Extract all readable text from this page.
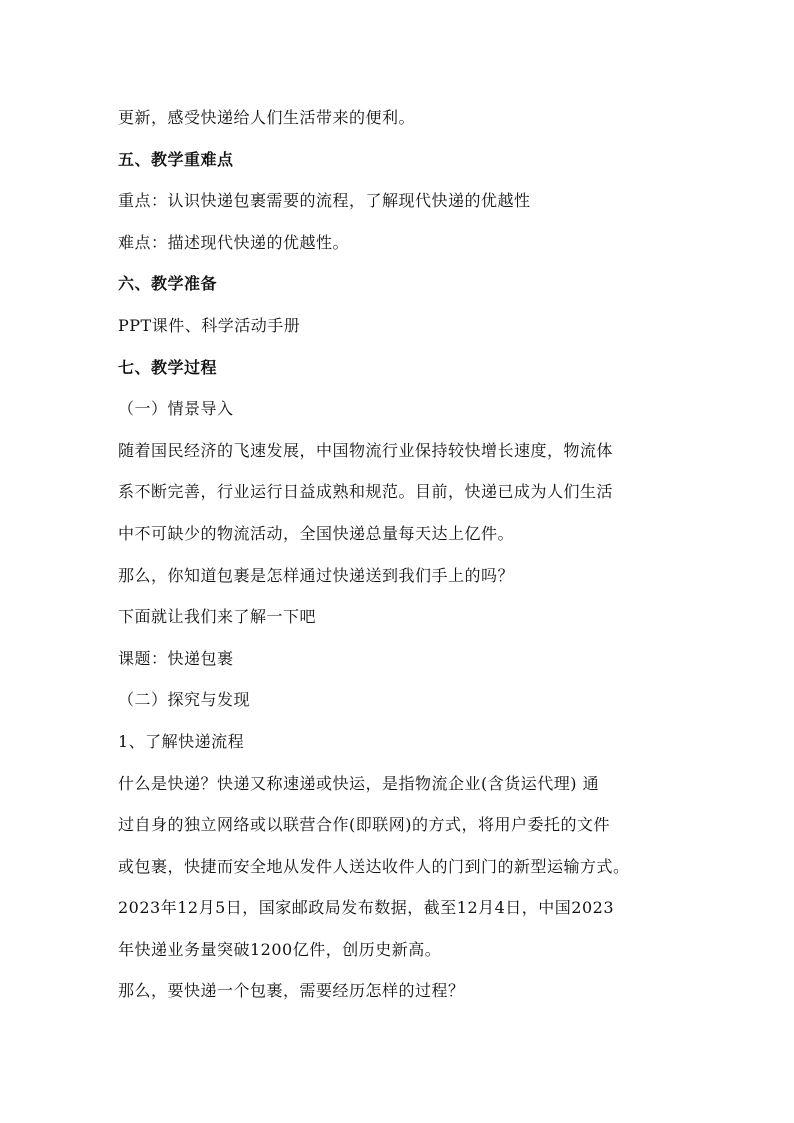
更新，感受快递给人们生活带来的便利。
五、教学重难点
重点：认识快递包裹需要的流程，了解现代快递的优越性
难点：描述现代快递的优越性。
六、教学准备
PPT课件、科学活动手册
七、教学过程
（一）情景导入
随着国民经济的飞速发展，中国物流行业保持较快增长速度，物流体
系不断完善，行业运行日益成熟和规范。目前，快递已成为人们生活
中不可缺少的物流活动，全国快递总量每天达上亿件。
那么，你知道包裹是怎样通过快递送到我们手上的吗？
下面就让我们来了解一下吧
课题：快递包裹
（二）探究与发现
1、了解快递流程
什么是快递？快递又称速递或快运，是指物流企业(含货运代理) 通
过自身的独立网络或以联营合作(即联网)的方式，将用户委托的文件
或包裹，快捷而安全地从发件人送达收件人的门到门的新型运输方式。
2023年12月5日，国家邮政局发布数据，截至12月4日，中国2023
年快递业务量突破1200亿件，创历史新高。
那么，要快递一个包裹，需要经历怎样的过程？
